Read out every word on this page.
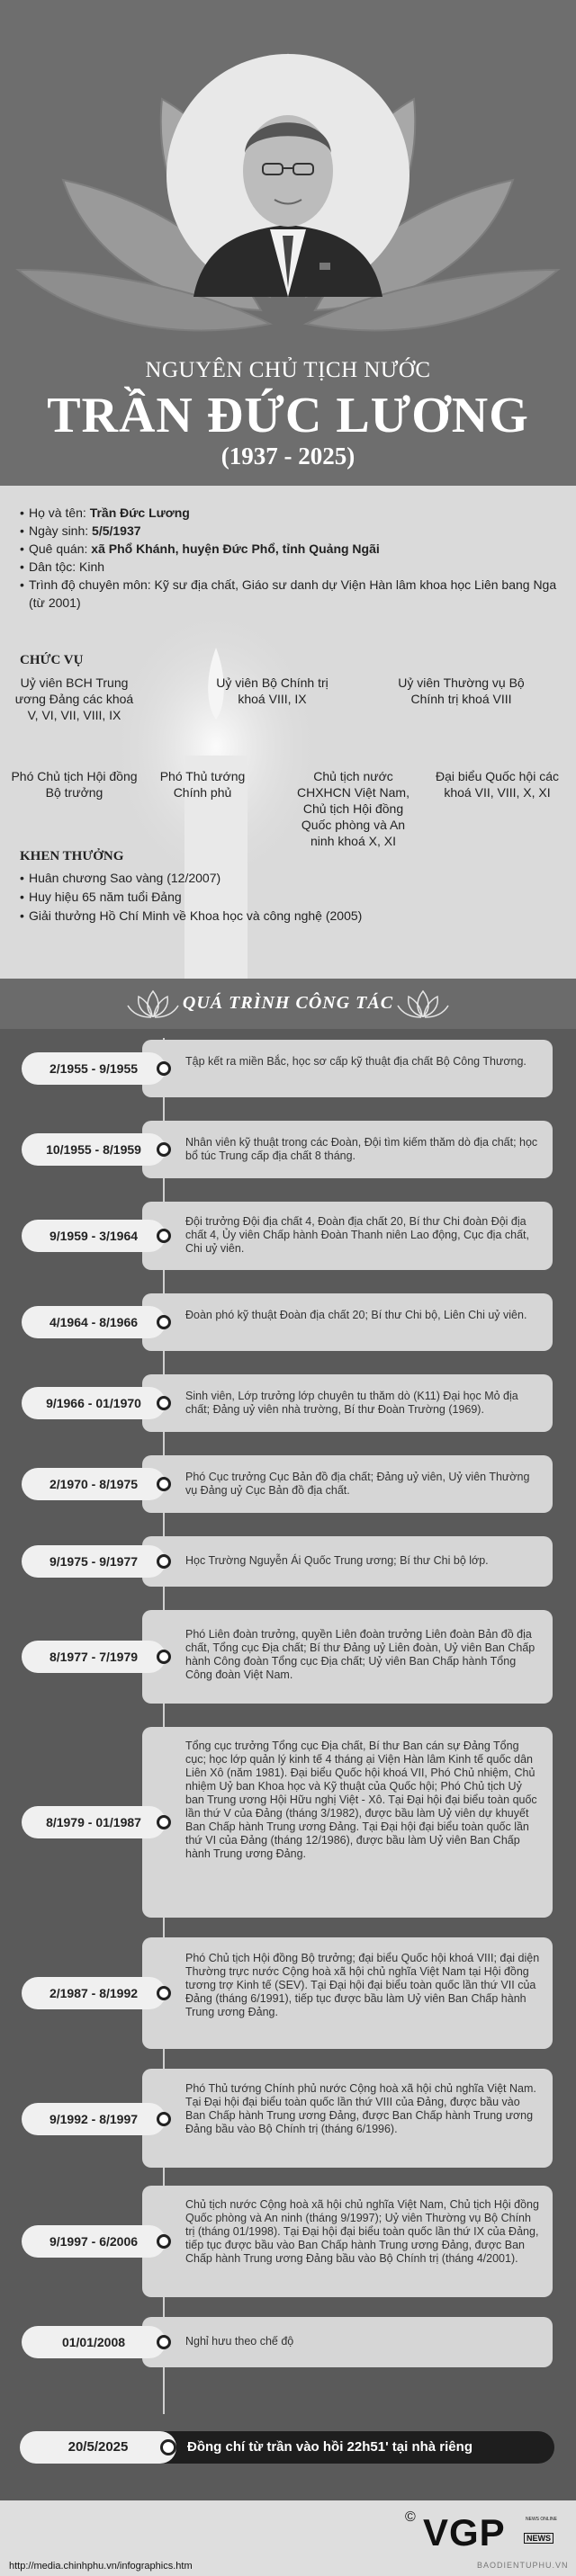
NGUYÊN CHỦ TỊCH NƯỚC
TRẦN ĐỨC LƯƠNG
(1937 - 2025)
• Họ và tên: Trần Đức Lương
• Ngày sinh: 5/5/1937
• Quê quán: xã Phổ Khánh, huyện Đức Phổ, tỉnh Quảng Ngãi
• Dân tộc: Kinh
• Trình độ chuyên môn: Kỹ sư địa chất, Giáo sư danh dự Viện Hàn lâm khoa học Liên bang Nga (từ 2001)
CHỨC VỤ
Uỷ viên BCH Trung ương Đảng các khoá V, VI, VII, VIII, IX
Uỷ viên Bộ Chính trị khoá VIII, IX
Uỷ viên Thường vụ Bộ Chính trị khoá VIII
Phó Chủ tịch Hội đồng Bộ trưởng
Phó Thủ tướng Chính phủ
Chủ tịch nước CHXHCN Việt Nam, Chủ tịch Hội đồng Quốc phòng và An ninh khoá X, XI
Đại biểu Quốc hội các khoá VII, VIII, X, XI
KHEN THƯỞNG
• Huân chương Sao vàng (12/2007)
• Huy hiệu 65 năm tuổi Đảng
• Giải thưởng Hồ Chí Minh về Khoa học và công nghệ (2005)
QUÁ TRÌNH CÔNG TÁC
Tập kết ra miền Bắc, học sơ cấp kỹ thuật địa chất Bộ Công Thương.
2/1955 - 9/1955
Nhân viên kỹ thuật trong các Đoàn, Đội tìm kiếm thăm dò địa chất; học bổ túc Trung cấp địa chất 8 tháng.
10/1955 - 8/1959
Đội trưởng Đội địa chất 4, Đoàn địa chất 20, Bí thư Chi đoàn Đội địa chất 4, Ủy viên Chấp hành Đoàn Thanh niên Lao động, Cục địa chất, Chi uỷ viên.
9/1959 - 3/1964
Đoàn phó kỹ thuật Đoàn địa chất 20; Bí thư Chi bộ, Liên Chi uỷ viên.
4/1964 - 8/1966
Sinh viên, Lớp trưởng lớp chuyên tu thăm dò (K11) Đại học Mỏ địa chất; Đảng uỷ viên nhà trường, Bí thư Đoàn Trường (1969).
9/1966 - 01/1970
Phó Cục trưởng Cục Bản đồ địa chất; Đảng uỷ viên, Uỷ viên Thường vụ Đảng uỷ Cục Bản đồ địa chất.
2/1970 - 8/1975
Học Trường Nguyễn Ái Quốc Trung ương; Bí thư Chi bộ lớp.
9/1975 - 9/1977
Phó Liên đoàn trưởng, quyền Liên đoàn trưởng Liên đoàn Bản đồ địa chất, Tổng cục Địa chất; Bí thư Đảng uỷ Liên đoàn, Uỷ viên Ban Chấp hành Công đoàn Tổng cục Địa chất; Uỷ viên Ban Chấp hành Tổng Công đoàn Việt Nam.
8/1977 - 7/1979
Tổng cục trưởng Tổng cục Địa chất, Bí thư Ban cán sự Đảng Tổng cục; học lớp quản lý kinh tế 4 tháng ại Viện Hàn lâm Kinh tế quốc dân Liên Xô (năm 1981). Đại biểu Quốc hội khoá VII, Phó Chủ nhiệm, Chủ nhiệm Uỷ ban Khoa học và Kỹ thuật của Quốc hội; Phó Chủ tịch Uỷ ban Trung ương Hội Hữu nghị Việt - Xô. Tại Đại hội đại biểu toàn quốc lần thứ V của Đảng (tháng 3/1982), được bầu làm Uỷ viên dự khuyết Ban Chấp hành Trung ương Đảng. Tại Đại hội đại biểu toàn quốc lần thứ VI của Đảng (tháng 12/1986), được bầu làm Uỷ viên Ban Chấp hành Trung ương Đảng.
8/1979 - 01/1987
Phó Chủ tịch Hội đồng Bộ trưởng; đại biểu Quốc hội khoá VIII; đại diện Thường trực nước Cộng hoà xã hội chủ nghĩa Việt Nam tại Hội đồng tương trợ Kinh tế (SEV). Tại Đại hội đại biểu toàn quốc lần thứ VII của Đảng (tháng 6/1991), tiếp tục được bầu làm Uỷ viên Ban Chấp hành Trung ương Đảng.
2/1987 - 8/1992
Phó Thủ tướng Chính phủ nước Cộng hoà xã hội chủ nghĩa Việt Nam. Tại Đại hội đại biểu toàn quốc lần thứ VIII của Đảng, được bầu vào Ban Chấp hành Trung ương Đảng, được Ban Chấp hành Trung ương Đảng bầu vào Bộ Chính trị (tháng 6/1996).
9/1992 - 8/1997
Chủ tịch nước Cộng hoà xã hội chủ nghĩa Việt Nam, Chủ tịch Hội đồng Quốc phòng và An ninh (tháng 9/1997); Uỷ viên Thường vụ Bộ Chính trị (tháng 01/1998). Tại Đại hội đại biểu toàn quốc lần thứ IX của Đảng, tiếp tục được bầu vào Ban Chấp hành Trung ương Đảng, được Ban Chấp hành Trung ương Đảng bầu vào Bộ Chính trị (tháng 4/2001).
9/1997 - 6/2006
Nghỉ hưu theo chế độ
01/01/2008
20/5/2025	Đồng chí từ trần vào hồi 22h51' tại nhà riêng
© VGP	NEWS ONLINE
NEWS
http://media.chinhphu.vn/infographics.htm	BAODIENTUPHU.VN
